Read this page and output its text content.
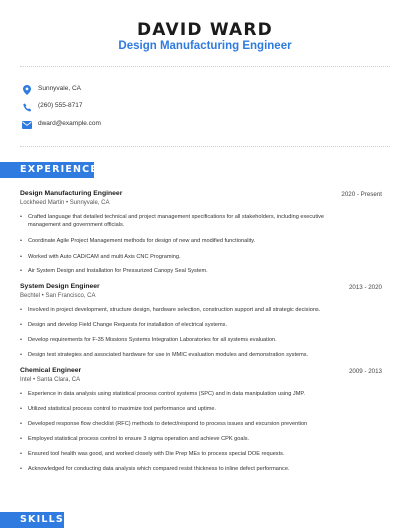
DAVID WARD
Design Manufacturing Engineer
Sunnyvale, CA
(260) 555-8717
dward@example.com
EXPERIENCE
Design Manufacturing Engineer	2020 - Present
Lockheed Martin • Sunnyvale, CA
• Crafted language that detailed technical and project management specifications for all stakeholders, including executive
management and government officials.
• Coordinate Agile Project Management methods for design of new and modified functionality.
• Worked with Auto CAD/CAM and multi Axis CNC Programing.
• Air System Design and Installation for Pressurized Canopy Seal System.
System Design Engineer	2013 - 2020
Bechtel • San Francisco, CA
• Involved in project development, structure design, hardware selection, construction support and all strategic decisions.
• Design and develop Field Change Requests for installation of electrical systems.
• Develop requirements for F-35 Missions Systems Integration Laboratories for all systems evaluation.
• Design test strategies and associated hardware for use in MMIC evaluation modules and demonstration systems.
Chemical Engineer	2009 - 2013
Intel • Santa Clara, CA
• Experience in data analysis using statistical process control systems (SPC) and in data manipulation using JMP.
• Utilized statistical process control to maximize tool performance and uptime.
• Developed response flow checklist (RFC) methods to detect/respond to process issues and excursion prevention
• Employed statistical process control to ensure 3 sigma operation and achieve CPK goals.
• Ensured tool health was good, and worked closely with Die Prep MEs to process special DOE requests.
• Acknowledged for conducting data analysis which compared resist thickness to inline defect performance.
SKILLS
